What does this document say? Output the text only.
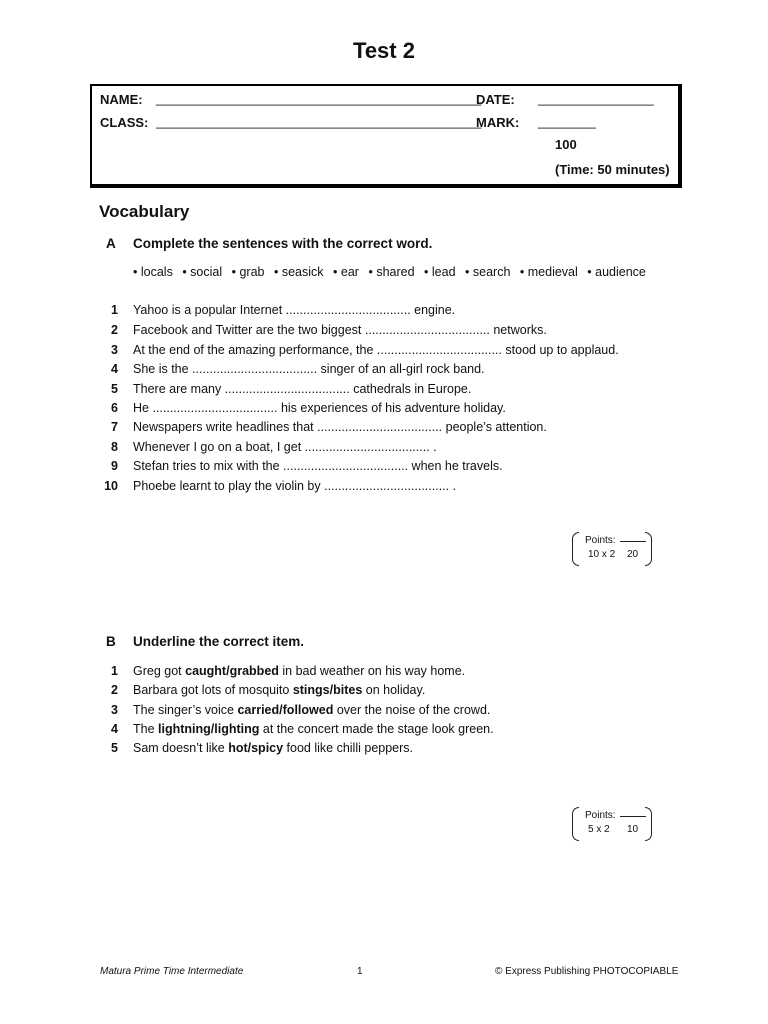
Test 2
NAME: _____________________________________________
DATE: ________________
CLASS: _____________________________________________
MARK: ________
100
(Time: 50 minutes)
Vocabulary
A Complete the sentences with the correct word.
• locals • social • grab • seasick • ear • shared • lead • search • medieval • audience
1 Yahoo is a popular Internet .................................... engine.
2 Facebook and Twitter are the two biggest .................................... networks.
3 At the end of the amazing performance, the .................................... stood up to applaud.
4 She is the .................................... singer of an all-girl rock band.
5 There are many .................................... cathedrals in Europe.
6 He .................................... his experiences of his adventure holiday.
7 Newspapers write headlines that .................................... people’s attention.
8 Whenever I go on a boat, I get .................................... .
9 Stefan tries to mix with the .................................... when he travels.
10 Phoebe learnt to play the violin by .................................... .
Points:
10 x 2 20
B Underline the correct item.
1 Greg got caught/grabbed in bad weather on his way home.
2 Barbara got lots of mosquito stings/bites on holiday.
3 The singer’s voice carried/followed over the noise of the crowd.
4 The lightning/lighting at the concert made the stage look green.
5 Sam doesn’t like hot/spicy food like chilli peppers.
Points:
5 x 2 10
Matura Prime Time Intermediate	1	© Express Publishing PHOTOCOPIABLE
